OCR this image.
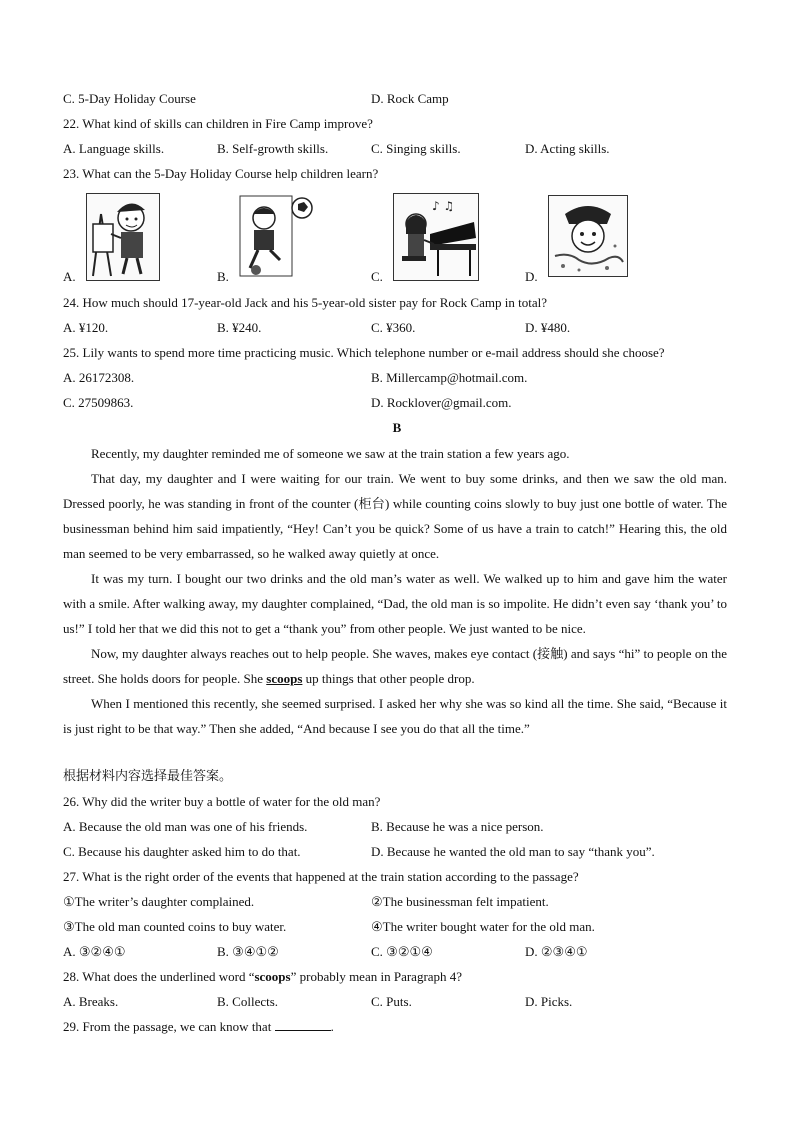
C. 5-Day Holiday Course	D. Rock Camp
22. What kind of skills can children in Fire Camp improve?
A. Language skills.	B. Self-growth skills.	C. Singing skills.	D. Acting skills.
23. What can the 5-Day Holiday Course help children learn?
A.	B.	C.
♪ ♫
D.
24. How much should 17-year-old Jack and his 5-year-old sister pay for Rock Camp in total?
A. ¥120.	B. ¥240.	C. ¥360.	D. ¥480.
25. Lily wants to spend more time practicing music. Which telephone number or e-mail address should she choose?
A. 26172308.	B. Millercamp@hotmail.com.
C. 27509863.	D. Rocklover@gmail.com.
B

Recently, my daughter reminded me of someone we saw at the train station a few years ago.

That day, my daughter and I were waiting for our train. We went to buy some drinks, and then we saw the old man. Dressed poorly, he was standing in front of the counter (柜台) while counting coins slowly to buy just one bottle of water. The businessman behind him said impatiently, “Hey! Can’t you be quick? Some of us have a train to catch!” Hearing this, the old man seemed to be very embarrassed, so he walked away quietly at once.

It was my turn. I bought our two drinks and the old man’s water as well. We walked up to him and gave him the water with a smile. After walking away, my daughter complained, “Dad, the old man is so impolite. He didn’t even say ‘thank you’ to us!” I told her that we did this not to get a “thank you” from other people. We just wanted to be nice.

Now, my daughter always reaches out to help people. She waves, makes eye contact (接触) and says “hi” to people on the street. She holds doors for people. She scoops up things that other people drop.

When I mentioned this recently, she seemed surprised. I asked her why she was so kind all the time. She said, “Because it is just right to be that way.” Then she added, “And because I see you do that all the time.”

根据材料内容选择最佳答案。
26. Why did the writer buy a bottle of water for the old man?
A. Because the old man was one of his friends.	B. Because he was a nice person.
C. Because his daughter asked him to do that.	D. Because he wanted the old man to say “thank you”.
27. What is the right order of the events that happened at the train station according to the passage?
①The writer’s daughter complained.	②The businessman felt impatient.
③The old man counted coins to buy water.	④The writer bought water for the old man.
A. ③②④①	B. ③④①②	C. ③②①④	D. ②③④①
28. What does the underlined word “scoops” probably mean in Paragraph 4?
A. Breaks.	B. Collects.	C. Puts.	D. Picks.
29. From the passage, we can know that	.
